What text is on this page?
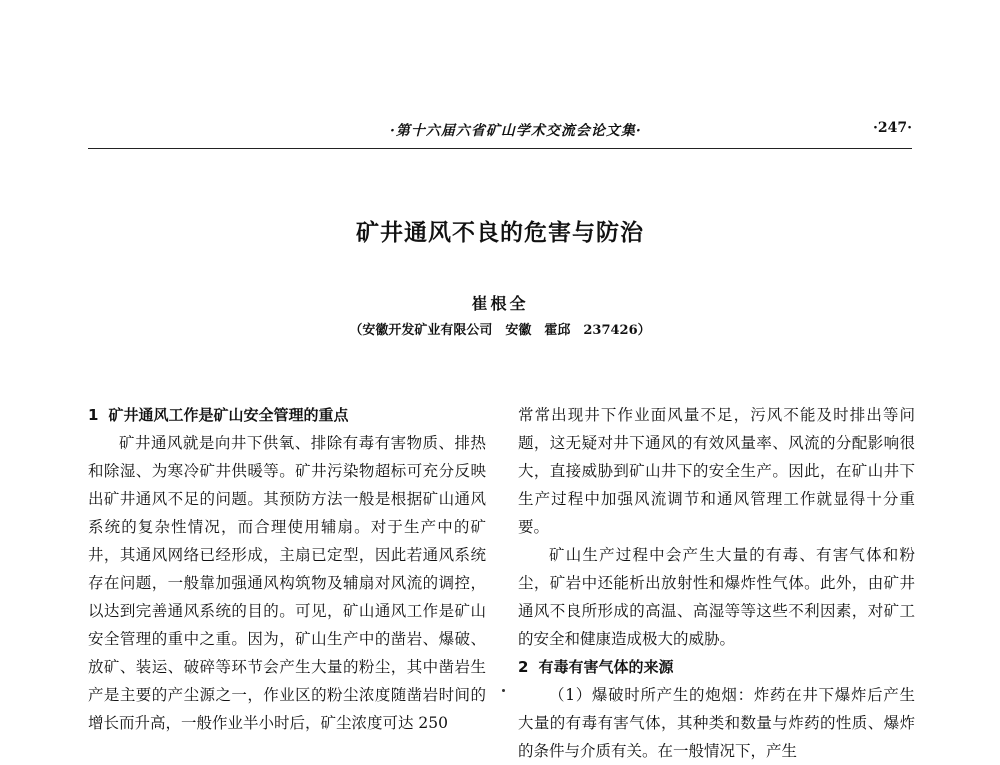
·第十六届六省矿山学术交流会论文集·	·247·
矿井通风不良的危害与防治
崔根全
（安徽开发矿业有限公司　安徽　霍邱　237426）

1 矿井通风工作是矿山安全管理的重点

矿井通风就是向井下供氧、排除有毒有害物质、排热和除湿、为寒冷矿井供暖等。矿井污染物超标可充分反映出矿井通风不足的问题。其预防方法一般是根据矿山通风系统的复杂性情况，而合理使用辅扇。对于生产中的矿井，其通风网络已经形成，主扇已定型，因此若通风系统存在问题，一般靠加强通风构筑物及辅扇对风流的调控，以达到完善通风系统的目的。可见，矿山通风工作是矿山安全管理的重中之重。因为，矿山生产中的凿岩、爆破、放矿、装运、破碎等环节会产生大量的粉尘，其中凿岩生产是主要的产尘源之一，作业区的粉尘浓度随凿岩时间的增长而升高，一般作业半小时后，矿尘浓度可达 250

常常出现井下作业面风量不足，污风不能及时排出等问题，这无疑对井下通风的有效风量率、风流的分配影响很大，直接威胁到矿山井下的安全生产。因此，在矿山井下生产过程中加强风流调节和通风管理工作就显得十分重要。

矿山生产过程中会产生大量的有毒、有害气体和粉尘，矿岩中还能析出放射性和爆炸性气体。此外，由矿井通风不良所形成的高温、高湿等等这些不利因素，对矿工的安全和健康造成极大的威胁。

2 有毒有害气体的来源

（1）爆破时所产生的炮烟：炸药在井下爆炸后产生大量的有毒有害气体，其种类和数量与炸药的性质、爆炸的条件与介质有关。在一般情况下，产生
